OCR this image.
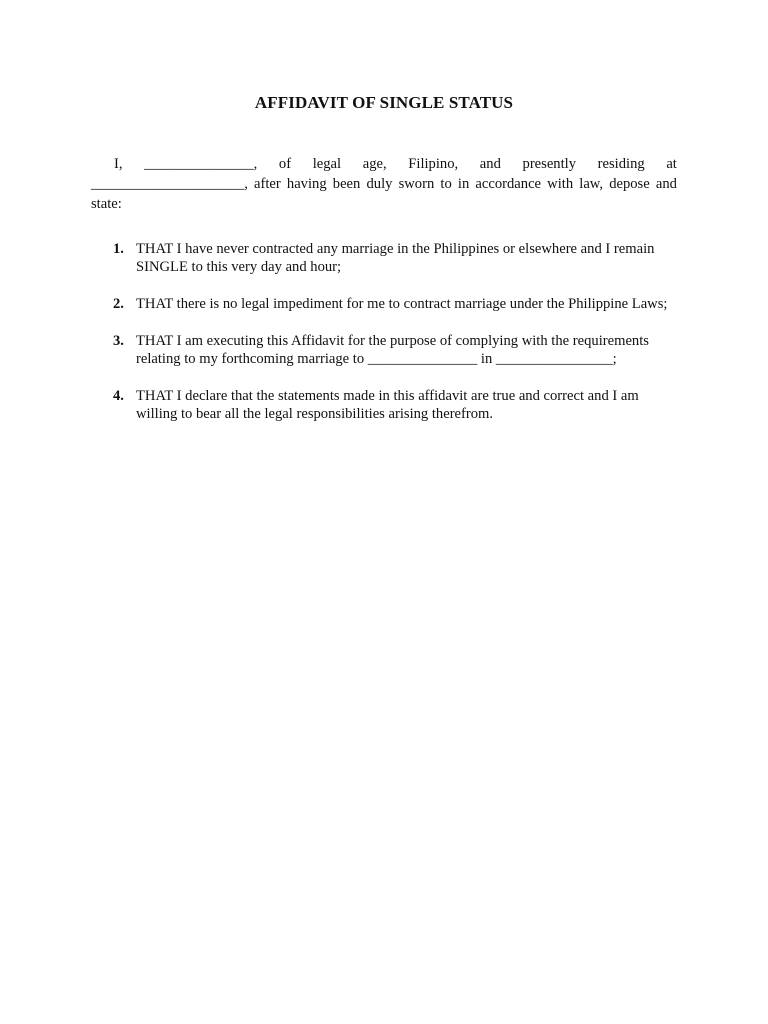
AFFIDAVIT OF SINGLE STATUS
I, _______________, of legal age, Filipino, and presently residing at
_____________________, after having been duly sworn to in accordance with law, depose and
state:
1. THAT I have never contracted any marriage in the Philippines or elsewhere and I remain
SINGLE to this very day and hour;
2. THAT there is no legal impediment for me to contract marriage under the Philippine Laws;
3. THAT I am executing this Affidavit for the purpose of complying with the requirements
relating to my forthcoming marriage to _______________ in ________________;
4. THAT I declare that the statements made in this affidavit are true and correct and I am
willing to bear all the legal responsibilities arising therefrom.
